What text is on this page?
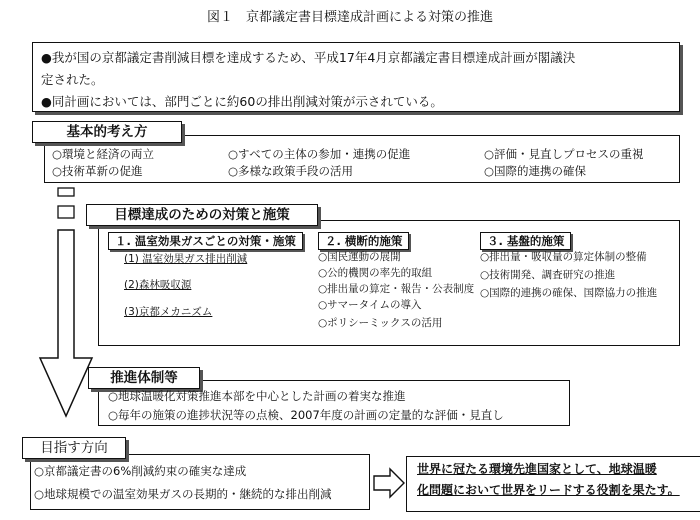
図１　京都議定書目標達成計画による対策の推進
●我が国の京都議定書削減目標を達成するため、平成17年4月京都議定書目標達成計画が閣議決
定された。
●同計画においては、部門ごとに約60の排出削減対策が示されている。
基本的考え方
○環境と経済の両立	○すべての主体の参加・連携の促進	○評価・見直しプロセスの重視
○技術革新の促進	○多様な政策手段の活用	○国際的連携の確保
目標達成のための対策と施策
１. 温室効果ガスごとの対策・施策
(1) 温室効果ガス排出削減
(2)森林吸収源
(3)京都メカニズム
２. 横断的施策
○国民運動の展開
○公的機関の率先的取組
○排出量の算定・報告・公表制度
○サマータイムの導入
○ポリシーミックスの活用
３. 基盤的施策
○排出量・吸収量の算定体制の整備
○技術開発、調査研究の推進
○国際的連携の確保、国際協力の推進
推進体制等
○地球温暖化対策推進本部を中心とした計画の着実な推進
○毎年の施策の進捗状況等の点検、2007年度の計画の定量的な評価・見直し
目指す方向
○京都議定書の6%削減約束の確実な達成
○地球規模での温室効果ガスの長期的・継続的な排出削減
世界に冠たる環境先進国家として、地球温暖
化問題において世界をリードする役割を果たす。
